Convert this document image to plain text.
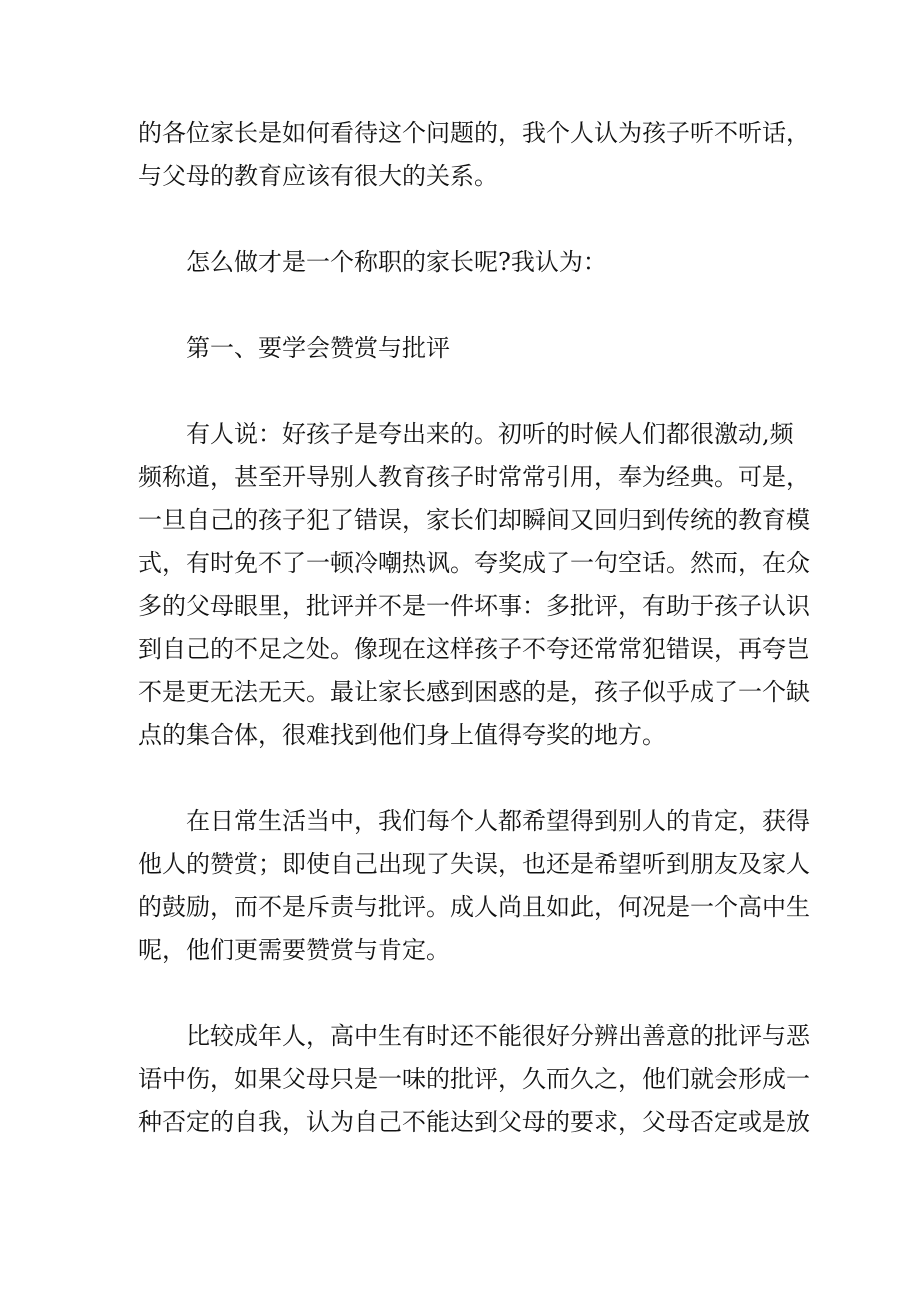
的各位家长是如何看待这个问题的，我个人认为孩子听不听话，
与父母的教育应该有很大的关系。
怎么做才是一个称职的家长呢?我认为：
第一、要学会赞赏与批评
有人说：好孩子是夸出来的。初听的时候人们都很激动,频
频称道，甚至开导别人教育孩子时常常引用，奉为经典。可是，
一旦自己的孩子犯了错误，家长们却瞬间又回归到传统的教育模
式，有时免不了一顿冷嘲热讽。夸奖成了一句空话。然而，在众
多的父母眼里，批评并不是一件坏事：多批评，有助于孩子认识
到自己的不足之处。像现在这样孩子不夸还常常犯错误，再夸岂
不是更无法无天。最让家长感到困惑的是，孩子似乎成了一个缺
点的集合体，很难找到他们身上值得夸奖的地方。
在日常生活当中，我们每个人都希望得到别人的肯定，获得
他人的赞赏；即使自己出现了失误，也还是希望听到朋友及家人
的鼓励，而不是斥责与批评。成人尚且如此，何况是一个高中生
呢，他们更需要赞赏与肯定。
比较成年人，高中生有时还不能很好分辨出善意的批评与恶
语中伤，如果父母只是一味的批评，久而久之，他们就会形成一
种否定的自我，认为自己不能达到父母的要求，父母否定或是放
